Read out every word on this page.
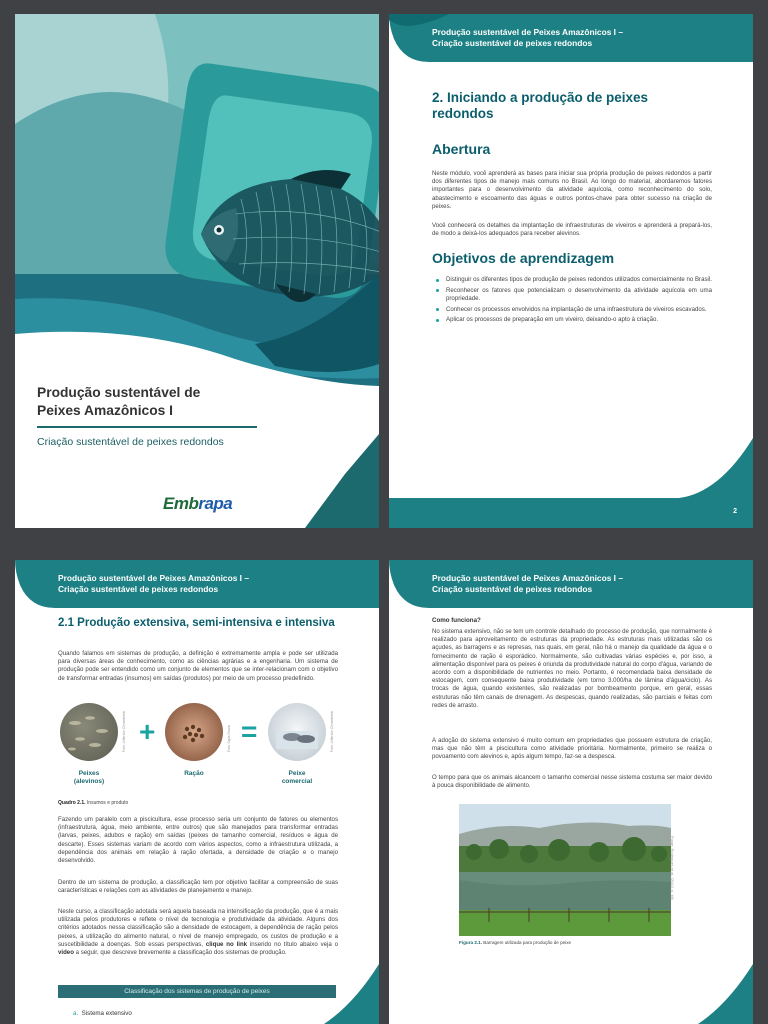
Produção sustentável de
Peixes Amazônicos I
Criação sustentável de peixes redondos
Embrapa
Produção sustentável de Peixes Amazônicos I –
Criação sustentável de peixes redondos
2. Iniciando a produção de peixes redondos
Abertura
Neste módulo, você aprenderá as bases para iniciar sua própria produção de peixes redondos a partir dos diferentes tipos de manejo mais comuns no Brasil. Ao longo do material, abordaremos fatores importantes para o desenvolvimento da atividade aquícola, como reconhecimento do solo, abastecimento e escoamento das águas e outros pontos-chave para obter sucesso na criação de peixes.
Você conhecerá os detalhes da implantação de infraestruturas de viveiros e aprenderá a prepará-los, de modo a deixá-los adequados para receber alevinos.
Objetivos de aprendizagem
Distinguir os diferentes tipos de produção de peixes redondos utilizados comercialmente no Brasil.
Reconhecer os fatores que potencializam o desenvolvimento da atividade aquícola em uma propriedade.
Conhecer os processos envolvidos na implantação de uma infraestrutura de viveiros escavados.
Aplicar os processos de preparação em um viveiro, deixando-o apto à criação.
2
Produção sustentável de Peixes Amazônicos I –
Criação sustentável de peixes redondos
2.1 Produção extensiva, semi-intensiva e intensiva
Quando falamos em sistemas de produção, a definição é extremamente ampla e pode ser utilizada para diversas áreas de conhecimento, como as ciências agrárias e a engenharia. Um sistema de produção pode ser entendido como um conjunto de elementos que se inter-relacionam com o objetivo de transformar entradas (insumos) em saídas (produtos) por meio de um processo predefinido.
Foto: Jefferson Christofoletti +	Foto: Siglia Souza =	Foto: Jefferson Christofoletti
Peixes
(alevinos)
Ração	Peixe
comercial
Quadro 2.1. Insumos e produto
Fazendo um paralelo com a piscicultura, esse processo seria um conjunto de fatores ou elementos (infraestrutura, água, meio ambiente, entre outros) que são manejados para transformar entradas (larvas, peixes, adubos e ração) em saídas (peixes de tamanho comercial, resíduos e água de descarte). Esses sistemas variam de acordo com vários aspectos, como a infraestrutura utilizada, a dependência dos animais em relação à ração ofertada, a densidade de criação e o manejo desenvolvido.
Dentro de um sistema de produção, a classificação tem por objetivo facilitar a compreensão de suas características e relações com as atividades de planejamento e manejo.
Neste curso, a classificação adotada será aquela baseada na intensificação da produção, que é a mais utilizada pelos produtores e reflete o nível de tecnologia e produtividade da atividade. Alguns dos critérios adotados nessa classificação são a densidade de estocagem, a dependência de ração pelos peixes, a utilização do alimento natural, o nível de manejo empregado, os custos de produção e a suscetibilidade a doenças. Sob essas perspectivas, clique no link inserido no título abaixo veja o vídeo a seguir, que descreve brevemente a classificação dos sistemas de produção.
Classificação dos sistemas de produção de peixes
a. Sistema extensivo
Produção sustentável de Peixes Amazônicos I –
Criação sustentável de peixes redondos
Como funciona?
No sistema extensivo, não se tem um controle detalhado do processo de produção, que normalmente é realizado para aproveitamento de estruturas da propriedade. As estruturas mais utilizadas são os açudes, as barragens e as represas, nas quais, em geral, não há o manejo da qualidade da água e o fornecimento de ração é esporádico. Normalmente, são cultivadas várias espécies e, por isso, a alimentação disponível para os peixes é oriunda da produtividade natural do corpo d'água, variando de acordo com a disponibilidade de nutrientes no meio. Portanto, é recomendada baixa densidade de estocagem, com consequente baixa produtividade (em torno 3.000/ha de lâmina d'água/ciclo). As trocas de água, quando existentes, são realizadas por bombeamento porque, em geral, essas estruturas não têm canais de drenagem. As despescas, quando realizadas, são parciais e feitas com redes de arrasto.
A adoção do sistema extensivo é muito comum em propriedades que possuem estrutura de criação, mas que não têm a piscicultura como atividade prioritária. Normalmente, primeiro se realiza o povoamento com alevinos e, após algum tempo, faz-se a despesca.
O tempo para que os animais alcancem o tamanho comercial nesse sistema costuma ser maior devido à pouca disponibilidade de alimento.
Fonte: Rodrigues et al. (2013, p. 69)
Figura 2.1. Barragem utilizada para produção de peixe
